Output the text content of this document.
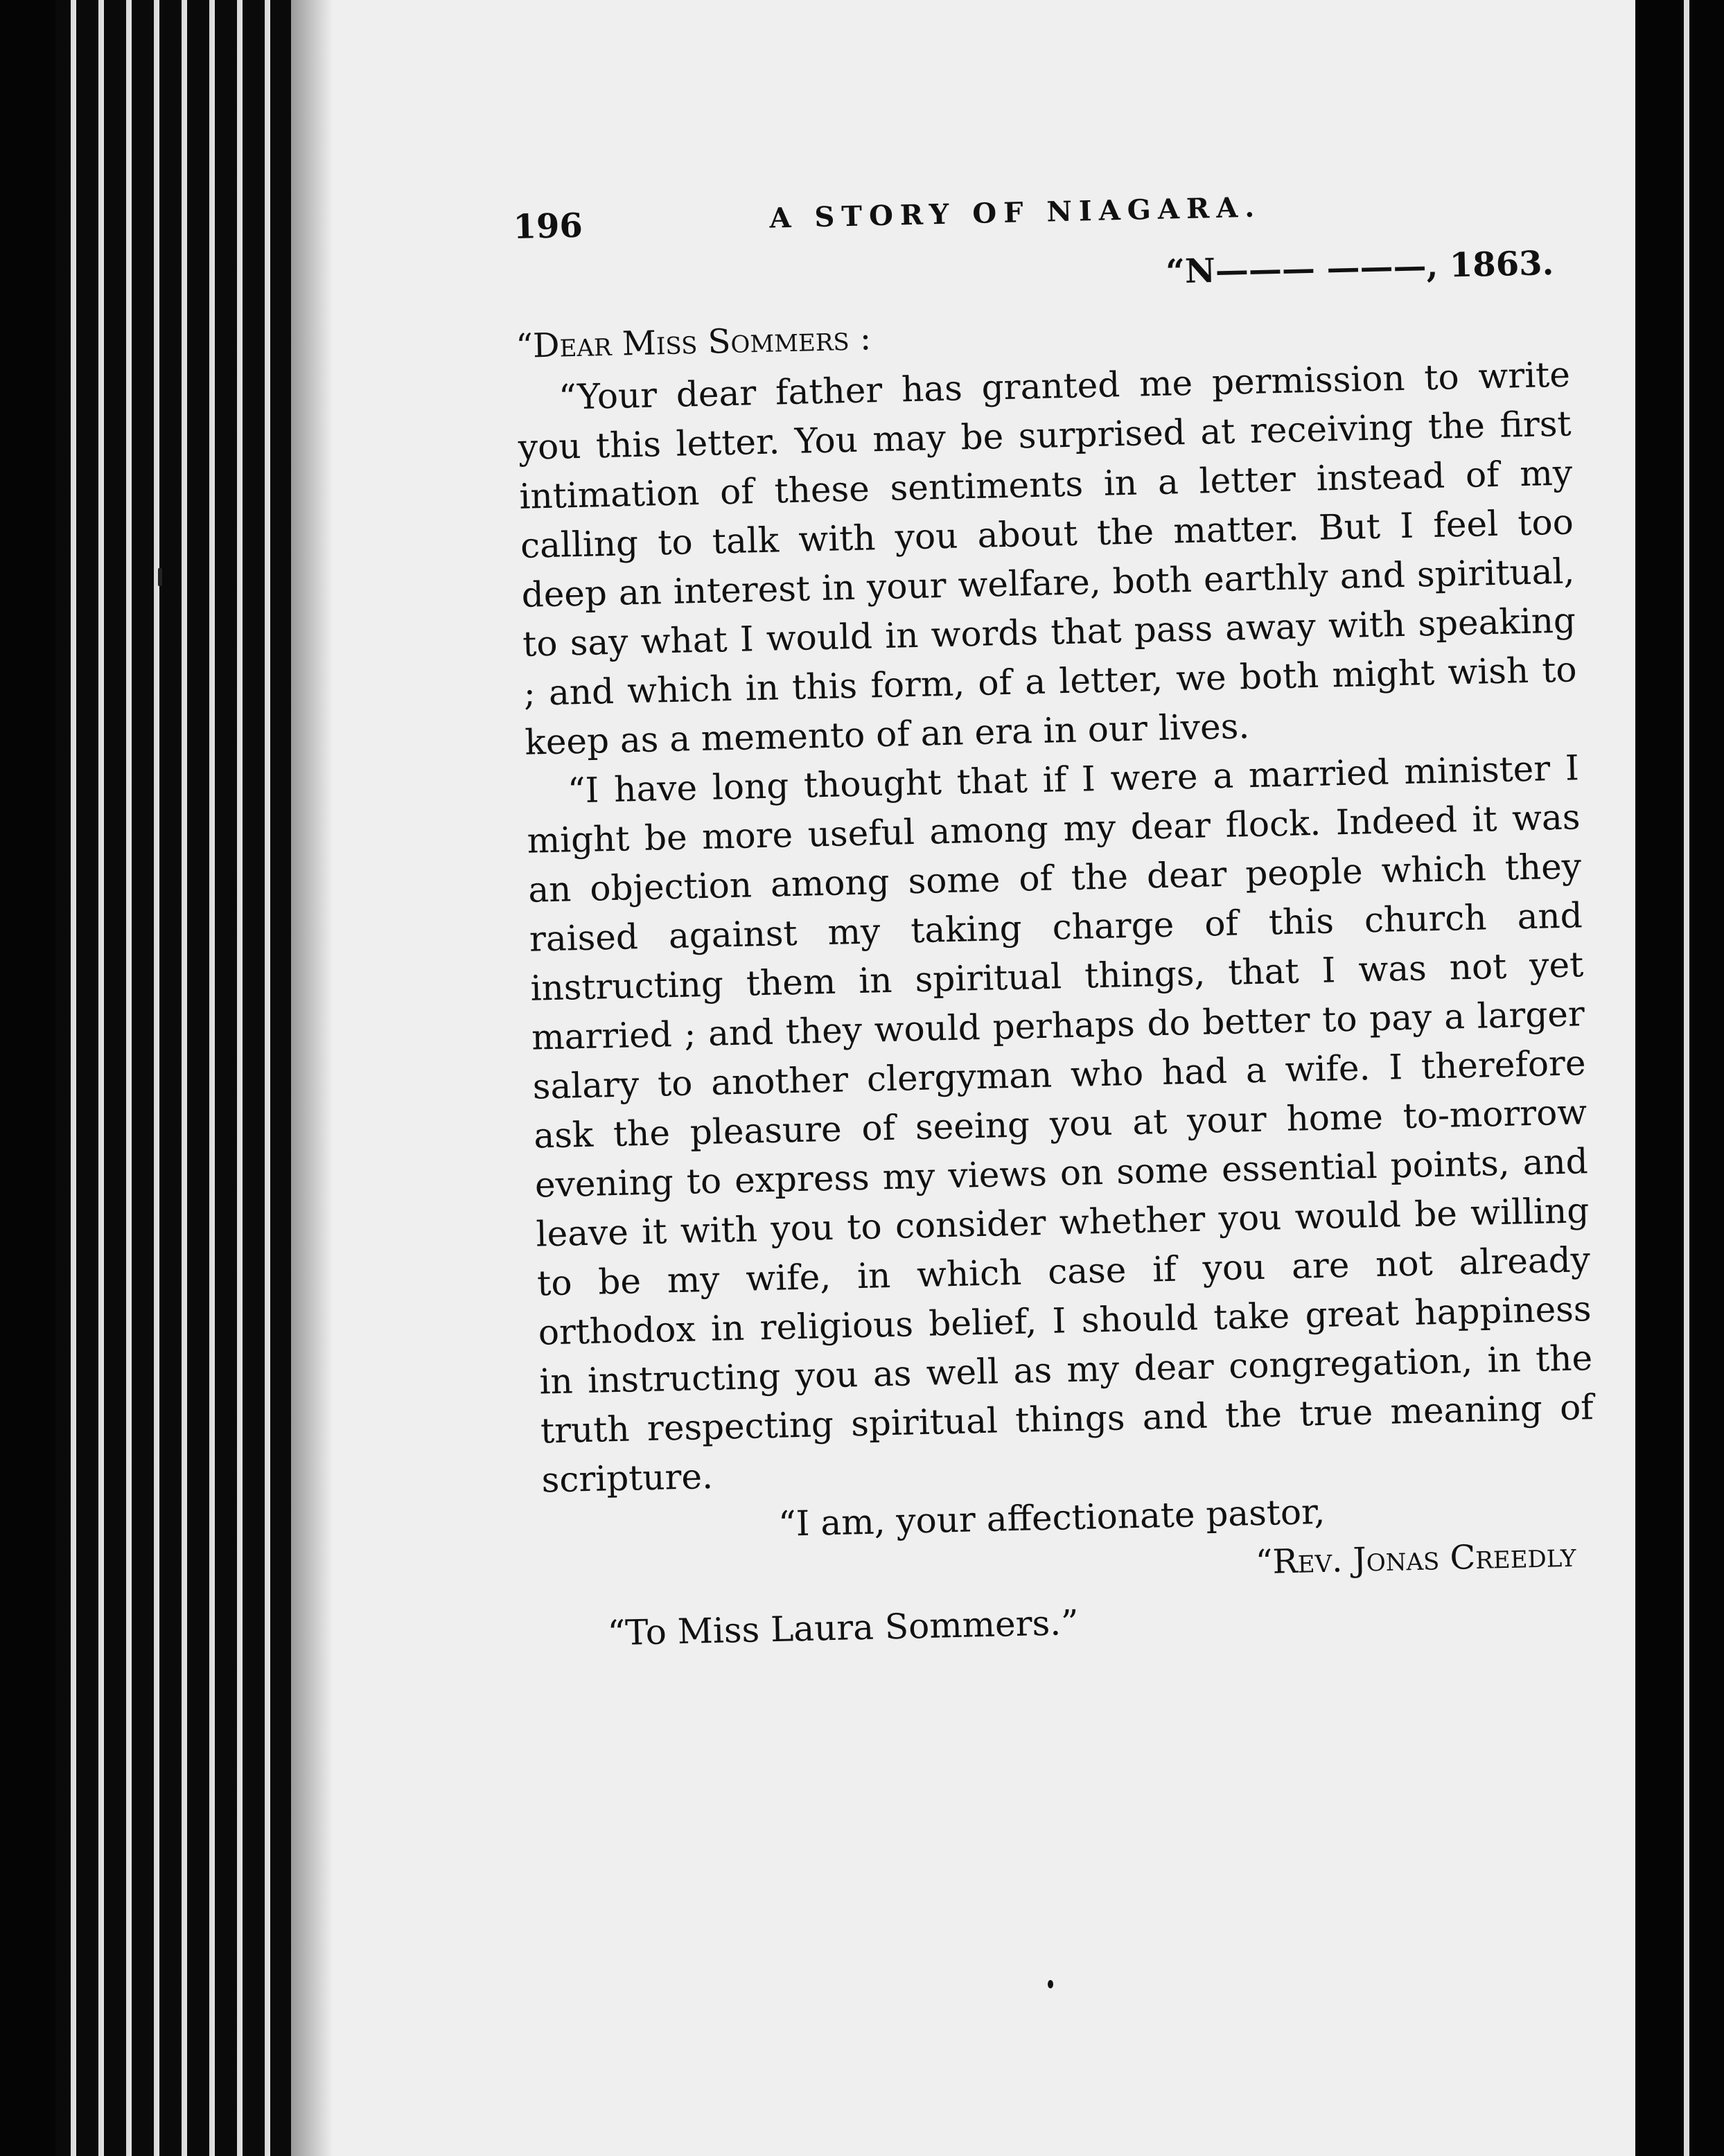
196	A STORY OF NIAGARA.
“N——— ———, 1863.
“Dear Miss Sommers :

“Your dear father has granted me permission to write you this letter. You may be surprised at receiving the first intimation of these sentiments in a letter instead of my calling to talk with you about the matter. But I feel too deep an interest in your welfare, both earthly and spiritual, to say what I would in words that pass away with speaking ; and which in this form, of a letter, we both might wish to keep as a memento of an era in our lives.

“I have long thought that if I were a married minister I might be more useful among my dear flock. Indeed it was an objection among some of the dear people which they raised against my taking charge of this church and instructing them in spiritual things, that I was not yet married ; and they would perhaps do better to pay a larger salary to another clergyman who had a wife. I therefore ask the pleasure of seeing you at your home to-morrow evening to express my views on some essential points, and leave it with you to consider whether you would be willing to be my wife, in which case if you are not already orthodox in religious belief, I should take great happiness in instructing you as well as my dear congregation, in the truth respecting spiritual things and the true meaning of scripture.

“I am, your affectionate pastor,
“Rev. Jonas Creedly
“To Miss Laura Sommers.”
